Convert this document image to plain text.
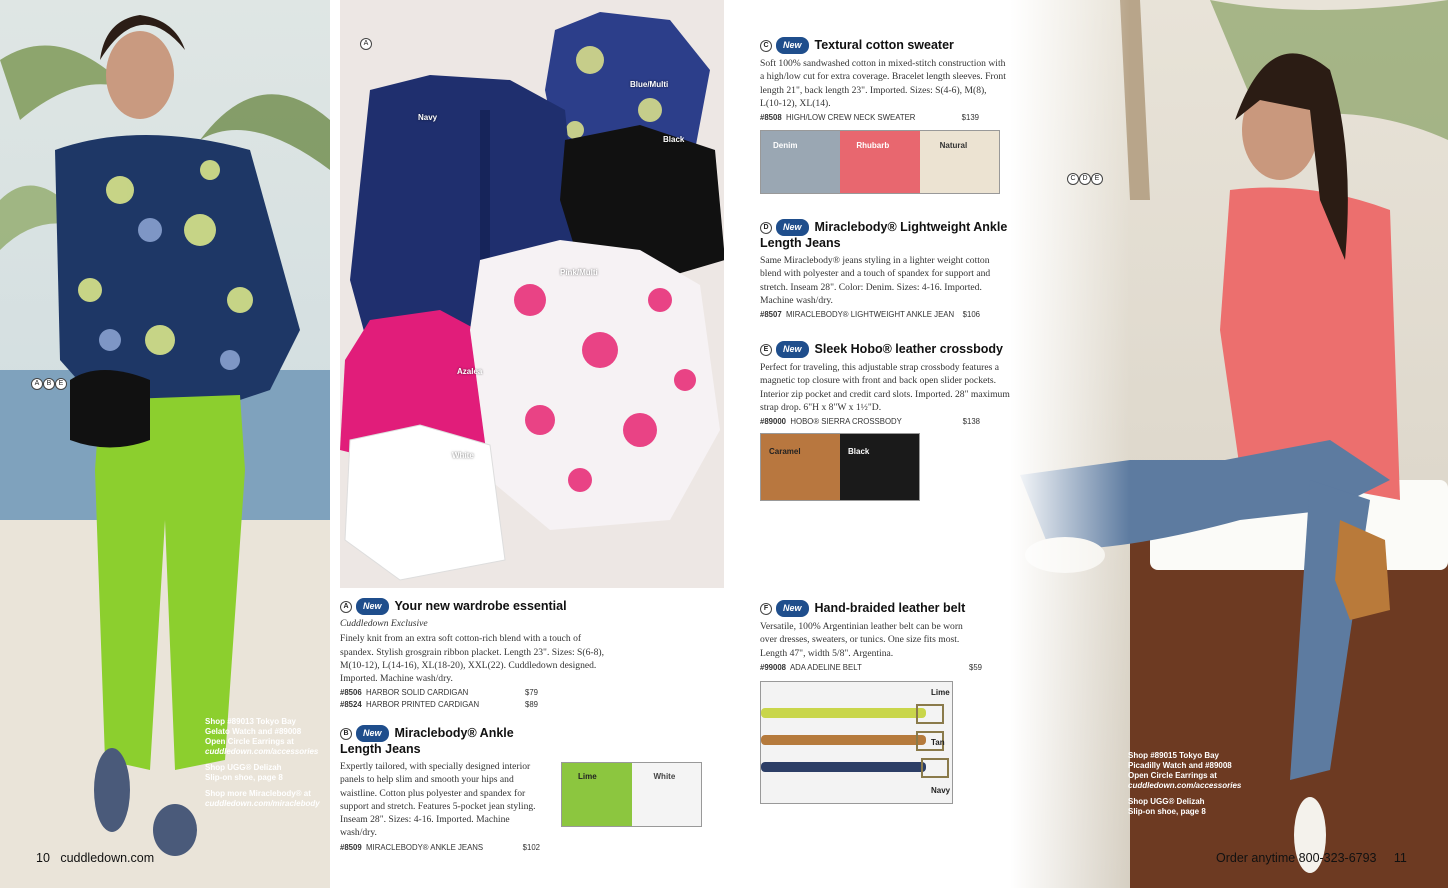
A B E
Shop #89013 Tokyo Bay
Gelato Watch and #89008
Open Circle Earrings at
cuddledown.com/accessories
Shop UGG® Delizah
Slip-on shoe, page 8
Shop more Miraclebody® at
cuddledown.com/miraclebody
A
Navy
Blue/Multi
Black
Pink/Multi
Azalea
White
A New Your new wardrobe essential
Cuddledown Exclusive
Finely knit from an extra soft cotton-rich blend with a touch of spandex. Stylish grosgrain ribbon placket. Length 23". Sizes: S(6-8), M(10-12), L(14-16), XL(18-20), XXL(22). Cuddledown designed. Imported. Machine wash/dry.
#8506 HARBOR SOLID CARDIGAN	$79
#8524 HARBOR PRINTED CARDIGAN	$89
B New Miraclebody® Ankle
Length Jeans
Expertly tailored, with specially designed interior panels to help slim and smooth your hips and waistline. Cotton plus polyester and spandex for support and stretch. Features 5-pocket jean styling. Inseam 28". Sizes: 4-16. Imported. Machine wash/dry.
#8509 MIRACLEBODY® ANKLE JEANS	$102
Lime	White
C New Textural cotton sweater
Soft 100% sandwashed cotton in mixed-stitch construction with a high/low cut for extra coverage. Bracelet length sleeves. Front length 21", back length 23". Imported. Sizes: S(4-6), M(8), L(10-12), XL(14).
#8508 HIGH/LOW CREW NECK SWEATER	$139
Denim	Rhubarb	Natural
D New Miraclebody® Lightweight Ankle
Length Jeans
Same Miraclebody® jeans styling in a lighter weight cotton blend with polyester and a touch of spandex for support and stretch. Inseam 28". Color: Denim. Sizes: 4-16. Imported. Machine wash/dry.
#8507 MIRACLEBODY® LIGHTWEIGHT ANKLE JEAN $106
E New Sleek Hobo® leather crossbody
Perfect for traveling, this adjustable strap crossbody features a magnetic top closure with front and back open slider pockets. Interior zip pocket and credit card slots. Imported. 28" maximum strap drop. 6"H x 8"W x 1½"D.
#89000 HOBO® SIERRA CROSSBODY	$138
Caramel	Black
F New Hand-braided leather belt
Versatile, 100% Argentinian leather belt can be worn over dresses, sweaters, or tunics. One size fits most. Length 47", width 5/8". Argentina.
#99008 ADA ADELINE BELT	$59
Lime
Tan
Navy
C D E
Shop #89015 Tokyo Bay
Picadilly Watch and #89008
Open Circle Earrings at
cuddledown.com/accessories
Shop UGG® Delizah
Slip-on shoe, page 8
10 cuddledown.com	Order anytime 800-323-6793 11
